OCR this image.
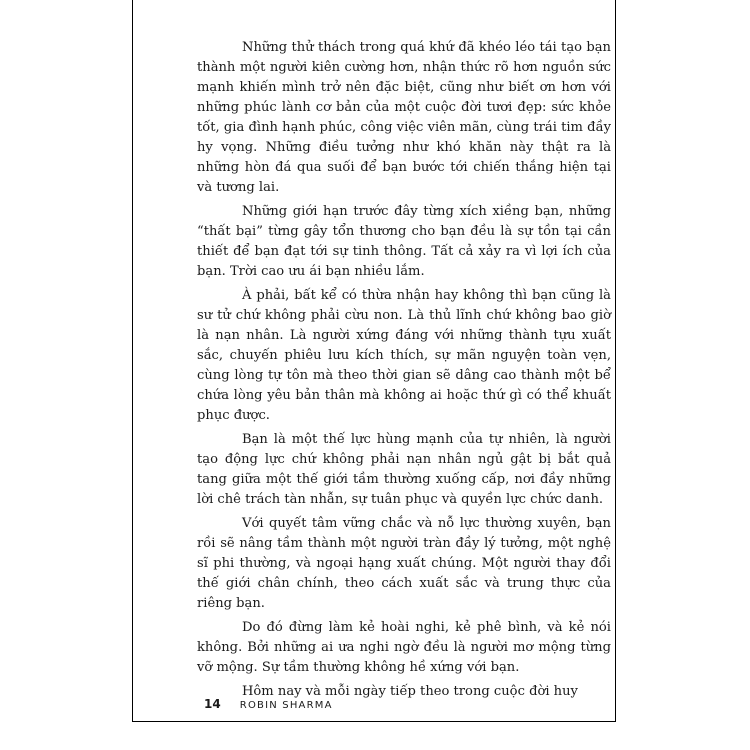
Những thử thách trong quá khứ đã khéo léo tái tạo bạn thành một người kiên cường hơn, nhận thức rõ hơn nguồn sức mạnh khiến mình trở nên đặc biệt, cũng như biết ơn hơn với những phúc lành cơ bản của một cuộc đời tươi đẹp: sức khỏe tốt, gia đình hạnh phúc, công việc viên mãn, cùng trái tim đầy hy vọng. Những điều tưởng như khó khăn này thật ra là những hòn đá qua suối để bạn bước tới chiến thắng hiện tại và tương lai.

Những giới hạn trước đây từng xích xiềng bạn, những “thất bại” từng gây tổn thương cho bạn đều là sự tồn tại cần thiết để bạn đạt tới sự tinh thông. Tất cả xảy ra vì lợi ích của bạn. Trời cao ưu ái bạn nhiều lắm.

À phải, bất kể có thừa nhận hay không thì bạn cũng là sư tử chứ không phải cừu non. Là thủ lĩnh chứ không bao giờ là nạn nhân. Là người xứng đáng với những thành tựu xuất sắc, chuyến phiêu lưu kích thích, sự mãn nguyện toàn vẹn, cùng lòng tự tôn mà theo thời gian sẽ dâng cao thành một bể chứa lòng yêu bản thân mà không ai hoặc thứ gì có thể khuất phục được.

Bạn là một thế lực hùng mạnh của tự nhiên, là người tạo động lực chứ không phải nạn nhân ngủ gật bị bắt quả tang giữa một thế giới tầm thường xuống cấp, nơi đầy những lời chê trách tàn nhẫn, sự tuân phục và quyền lực chức danh.

Với quyết tâm vững chắc và nỗ lực thường xuyên, bạn rồi sẽ nâng tầm thành một người tràn đầy lý tưởng, một nghệ sĩ phi thường, và ngoại hạng xuất chúng. Một người thay đổi thế giới chân chính, theo cách xuất sắc và trung thực của riêng bạn.

Do đó đừng làm kẻ hoài nghi, kẻ phê bình, và kẻ nói không. Bởi những ai ưa nghi ngờ đều là người mơ mộng từng vỡ mộng. Sự tầm thường không hề xứng với bạn.

Hôm nay và mỗi ngày tiếp theo trong cuộc đời huy

14 ROBIN SHARMA
